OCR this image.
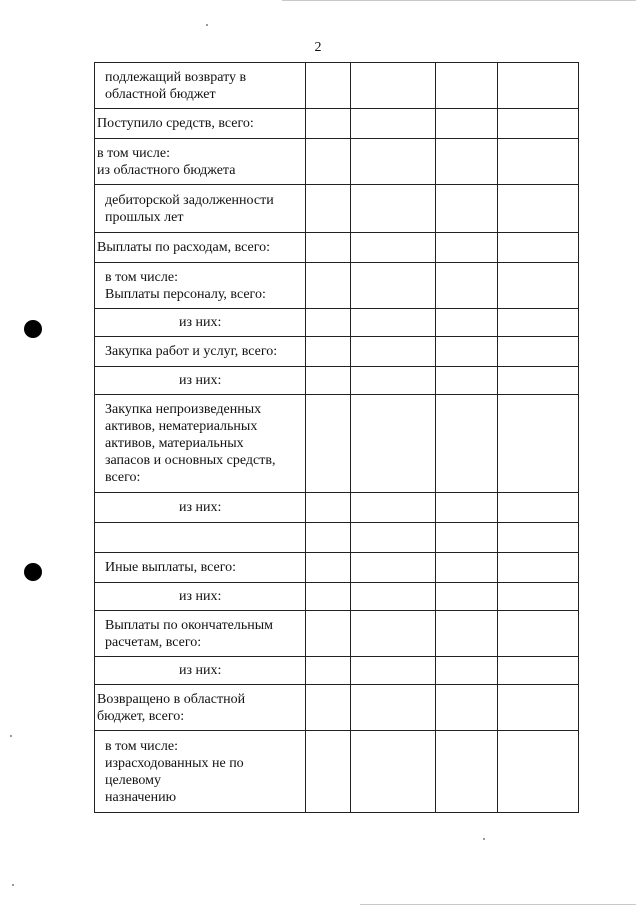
2
подлежащий возврату в
областной бюджет				

Поступило средств, всего:				

в том числе:
из областного бюджета				

дебиторской задолженности
прошлых лет				

Выплаты по расходам, всего:				

в том числе:
Выплаты персоналу, всего:				

из них:				

Закупка работ и услуг, всего:				

из них:				

Закупка непроизведенных
активов, нематериальных
активов, материальных
запасов и основных средств,
всего:				

из них:				

Иные выплаты, всего:				

из них:				

Выплаты по окончательным
расчетам, всего:				

из них:				

Возвращено в областной
бюджет, всего:				

в том числе:
израсходованных не по
целевому
назначению				
